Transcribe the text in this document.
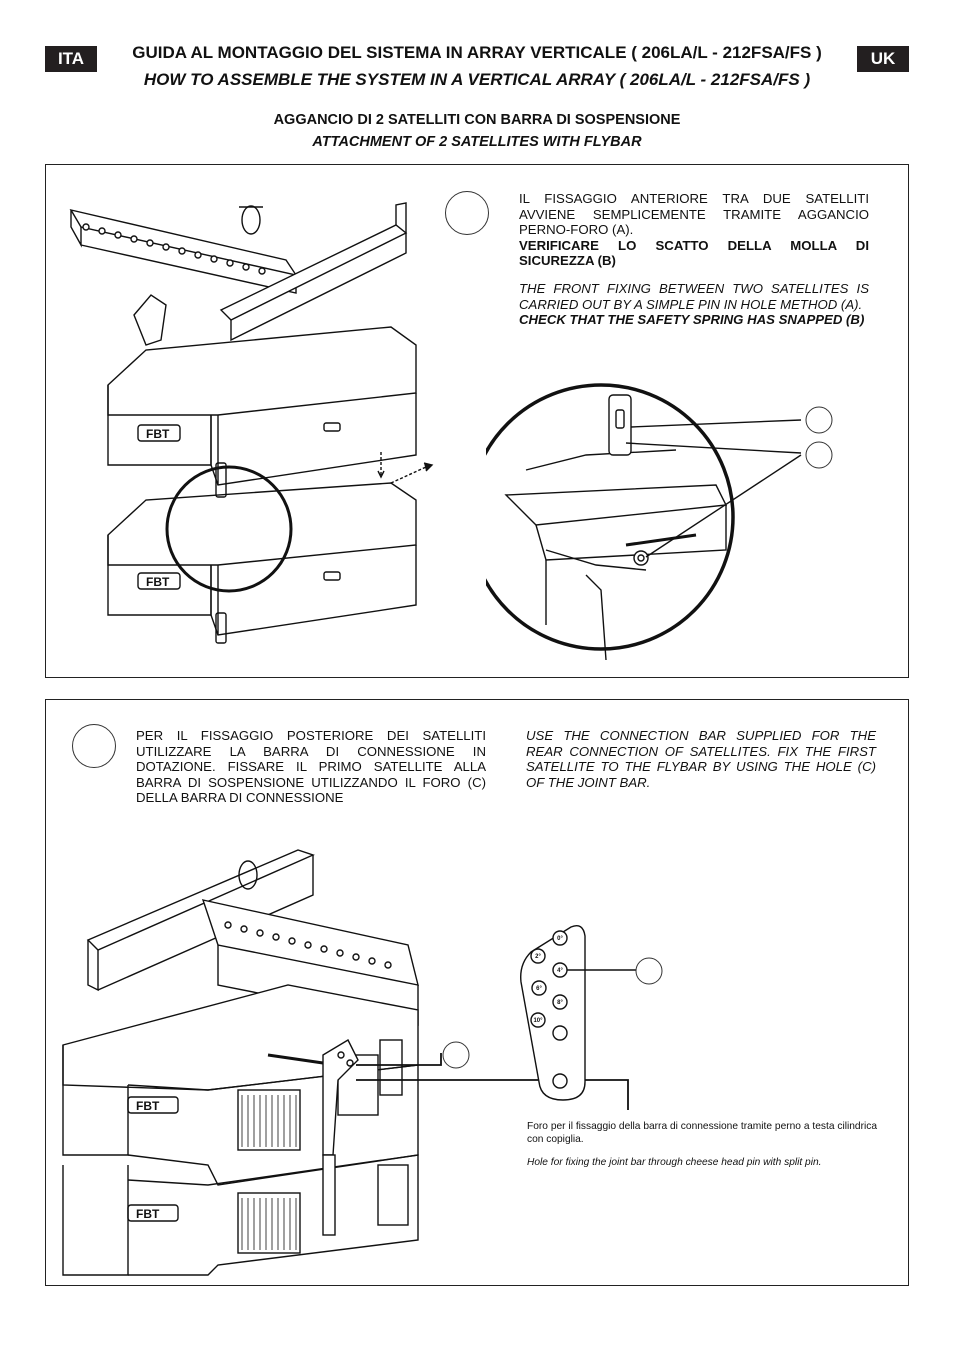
ITA	UK
GUIDA AL MONTAGGIO DEL SISTEMA IN ARRAY VERTICALE ( 206LA/L - 212FSA/FS )
HOW TO ASSEMBLE THE SYSTEM IN A VERTICAL ARRAY ( 206LA/L - 212FSA/FS )
AGGANCIO DI 2 SATELLITI CON BARRA DI SOSPENSIONE
ATTACHMENT OF 2 SATELLITES WITH FLYBAR
FBT
FBT
IL FISSAGGIO ANTERIORE TRA DUE SATELLITI AVVIENE SEMPLICEMENTE TRAMITE AGGANCIO PERNO-FORO (A).
VERIFICARE LO SCATTO DELLA MOLLA DI SICUREZZA (B)
THE FRONT FIXING BETWEEN TWO SATELLITES IS CARRIED OUT BY A SIMPLE PIN IN HOLE METHOD (A).
CHECK THAT THE SAFETY SPRING HAS SNAPPED (B)
PER IL FISSAGGIO POSTERIORE DEI SATELLITI UTILIZZARE LA BARRA DI CONNESSIONE IN DOTAZIONE. FISSARE IL PRIMO SATELLITE ALLA BARRA DI SOSPENSIONE UTILIZZANDO IL FORO (C) DELLA BARRA DI CONNESSIONE
USE THE CONNECTION BAR SUPPLIED FOR THE REAR CONNECTION OF SATELLITES. FIX THE FIRST SATELLITE TO THE FLYBAR BY USING THE HOLE (C) OF THE JOINT BAR.
FBT
FBT
0°
2°
4°
6°
8°
10°
Foro per il fissaggio della barra di connessione tramite perno a testa cilindrica con copiglia.
Hole for fixing the joint bar through cheese head pin with split pin.
